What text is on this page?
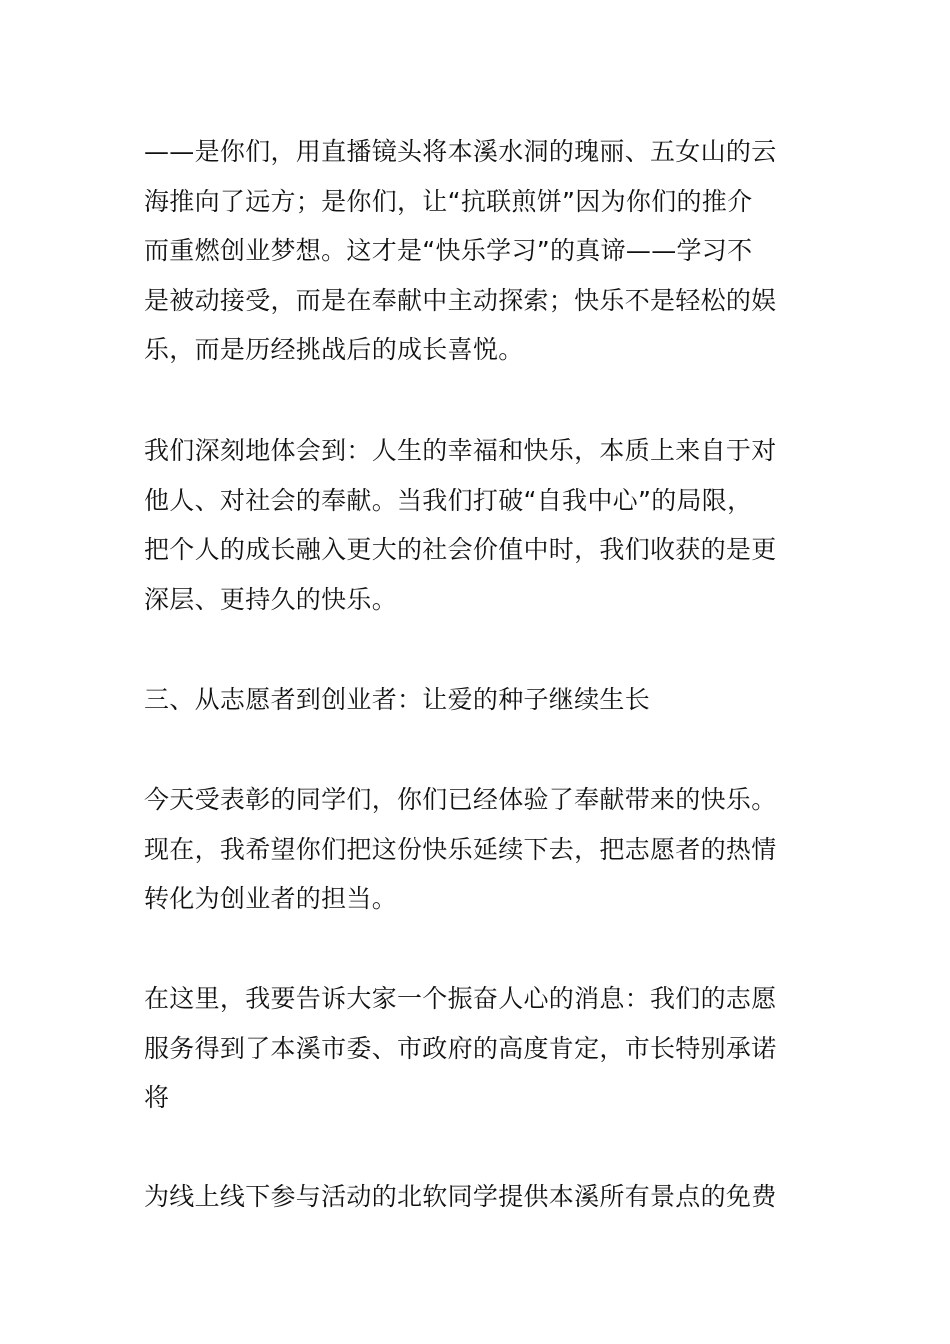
——是你们，用直播镜头将本溪水洞的瑰丽、五女山的云
海推向了远方；是你们，让“抗联煎饼”因为你们的推介
而重燃创业梦想。这才是“快乐学习”的真谛——学习不
是被动接受，而是在奉献中主动探索；快乐不是轻松的娱
乐，而是历经挑战后的成长喜悦。

我们深刻地体会到：人生的幸福和快乐，本质上来自于对
他人、对社会的奉献。当我们打破“自我中心”的局限，
把个人的成长融入更大的社会价值中时，我们收获的是更
深层、更持久的快乐。

三、从志愿者到创业者：让爱的种子继续生长

今天受表彰的同学们，你们已经体验了奉献带来的快乐。
现在，我希望你们把这份快乐延续下去，把志愿者的热情
转化为创业者的担当。

在这里，我要告诉大家一个振奋人心的消息：我们的志愿
服务得到了本溪市委、市政府的高度肯定，市长特别承诺
将

为线上线下参与活动的北软同学提供本溪所有景点的免费
